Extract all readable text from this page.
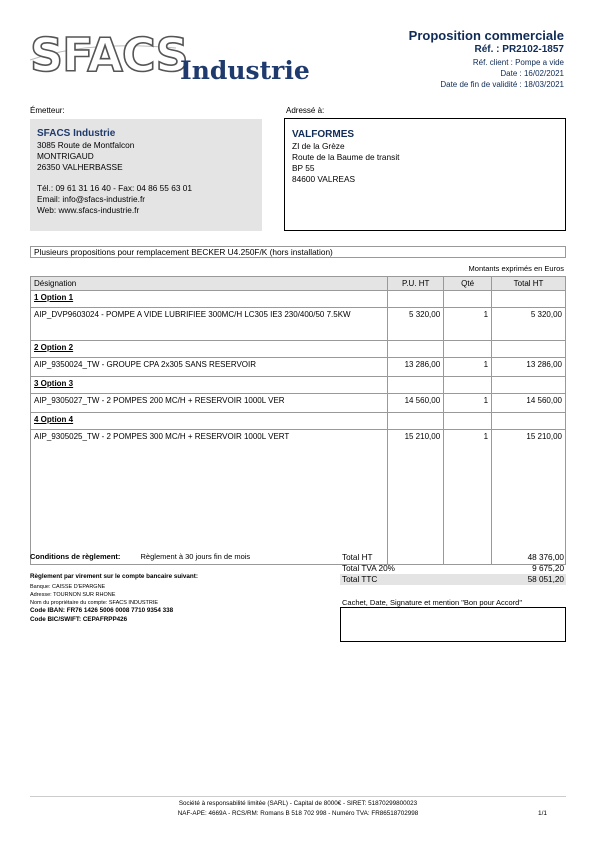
SFACS
Industrie
Proposition commerciale
Réf. : PR2102-1857
Réf. client : Pompe a vide
Date : 16/02/2021
Date de fin de validité : 18/03/2021
Émetteur:
SFACS Industrie
3085 Route de Montfalcon
MONTRIGAUD
26350 VALHERBASSE
Tél.: 09 61 31 16 40 - Fax: 04 86 55 63 01
Email: info@sfacs-industrie.fr
Web: www.sfacs-industrie.fr
Adressé à:
VALFORMES
ZI de la Grèze
Route de la Baume de transit
BP 55
84600 VALREAS
Plusieurs propositions pour remplacement BECKER U4.250F/K (hors installation)
Montants exprimés en Euros
Désignation	P.U. HT	Qté	Total HT
1 Option 1			
AIP_DVP9603024 - POMPE A VIDE LUBRIFIEE 300MC/H LC305 IE3 230/400/50 7.5KW	5 320,00	1	5 320,00
2 Option 2			
AIP_9350024_TW - GROUPE CPA 2x305 SANS RESERVOIR	13 286,00	1	13 286,00
3 Option 3			
AIP_9305027_TW - 2 POMPES 200 MC/H + RESERVOIR 1000L VER	14 560,00	1	14 560,00
4 Option 4			
AIP_9305025_TW - 2 POMPES 300 MC/H + RESERVOIR 1000L VERT	15 210,00	1	15 210,00

Conditions de règlement:	Règlement à 30 jours fin de mois
Règlement par virement sur le compte bancaire suivant:
Banque: CAISSE D'EPARGNE
Adresse: TOURNON SUR RHONE
Nom du propriétaire du compte: SFACS INDUSTRIE
Code IBAN: FR76 1426 5006 0008 7710 9354 338
Code BIC/SWIFT: CEPAFRPP426
Total HT	48 376,00
Total TVA 20%	9 675,20
Total TTC	58 051,20
Cachet, Date, Signature et mention "Bon pour Accord"
Société à responsabilité limitée (SARL) - Capital de 8000€ - SIRET: 51870299800023
NAF-APE: 4669A - RCS/RM: Romans B 518 702 998 - Numéro TVA: FR86518702998	1/1
